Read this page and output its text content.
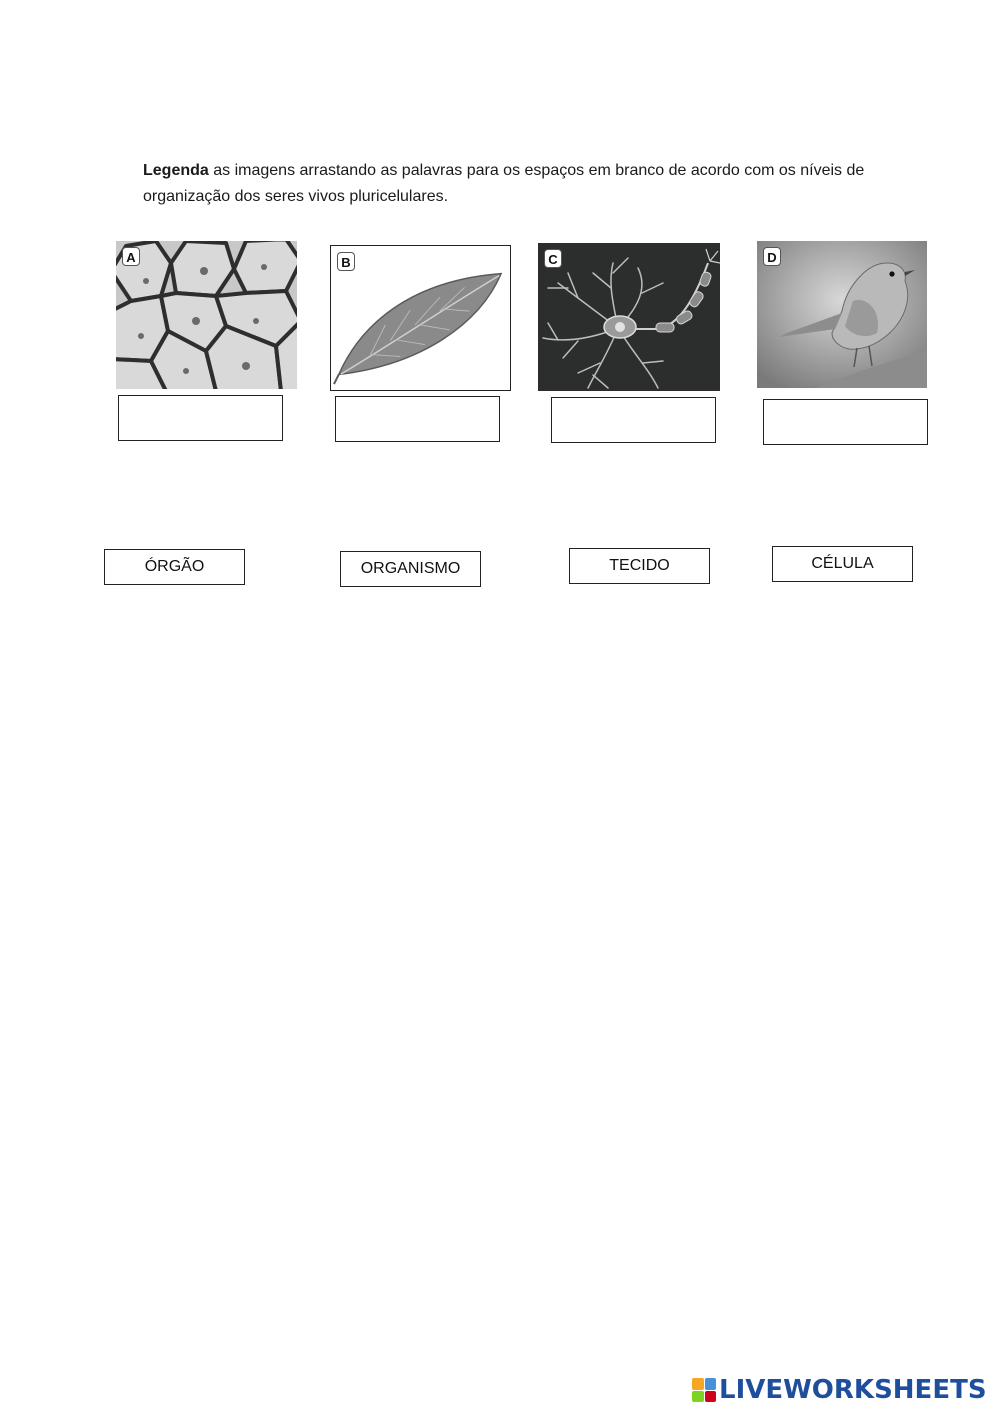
Legenda as imagens arrastando as palavras para os espaços em branco de acordo com os níveis de organização dos seres vivos pluricelulares.
A	B	C	D
ÓRGÃO	ORGANISMO	TECIDO	CÉLULA
LIVEWORKSHEETS
